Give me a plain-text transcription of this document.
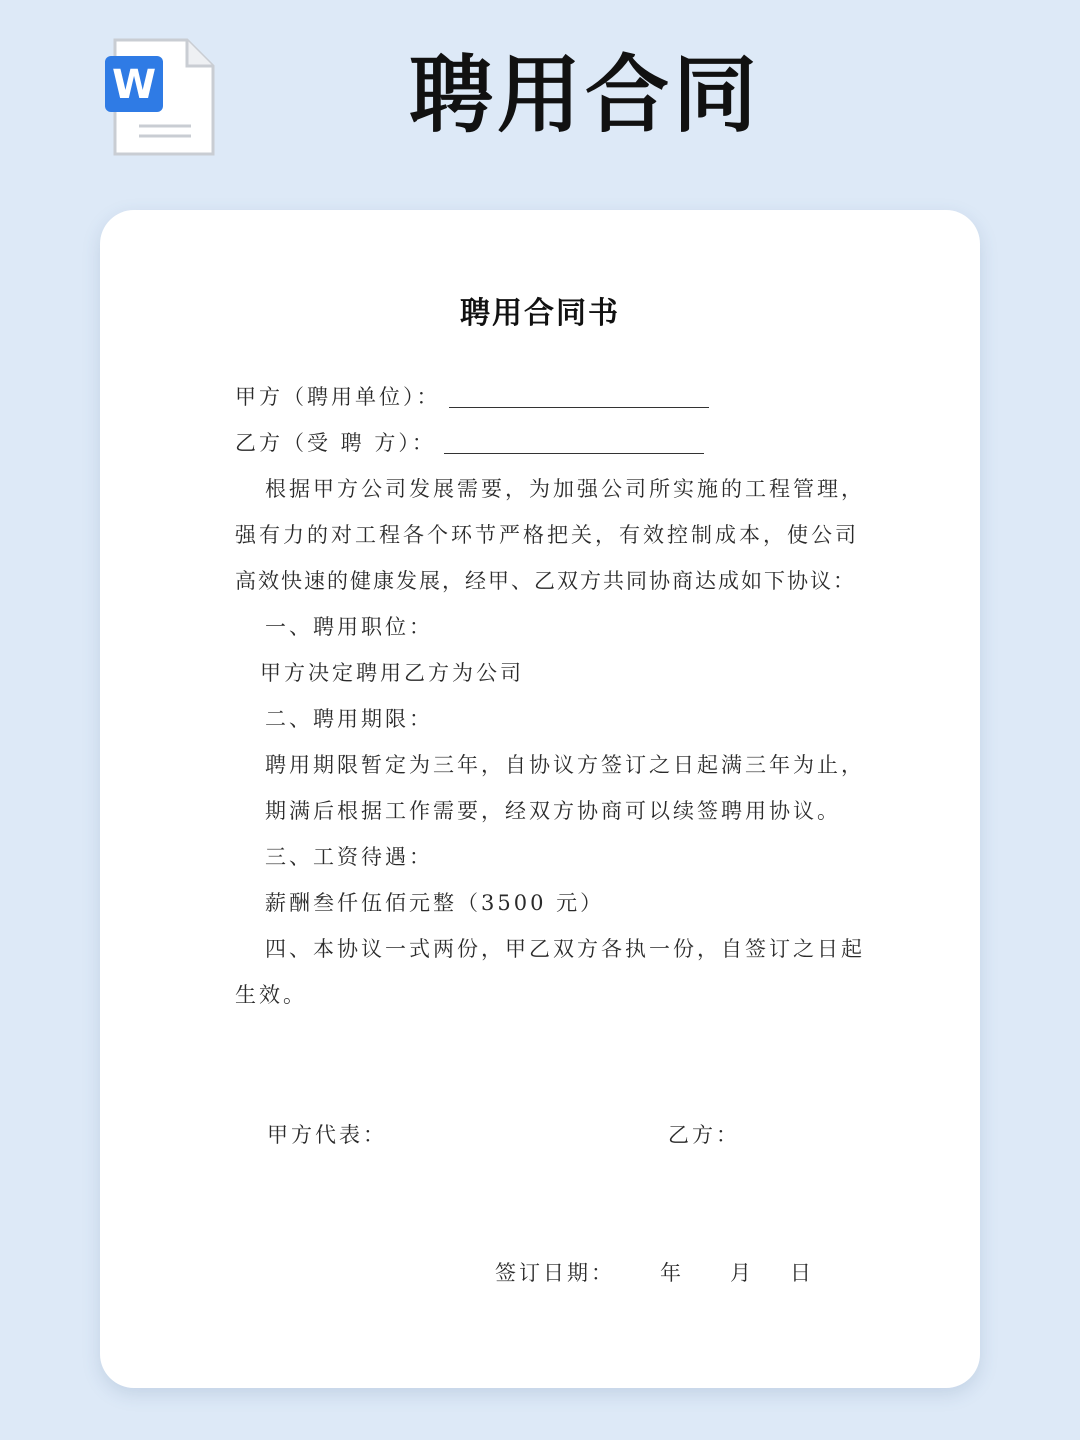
W	聘用合同
聘用合同书
甲方（聘用单位）：
乙方（受 聘 方）：
根据甲方公司发展需要，为加强公司所实施的工程管理，
强有力的对工程各个环节严格把关，有效控制成本，使公司
高效快速的健康发展，经甲、乙双方共同协商达成如下协议：
一、聘用职位：
甲方决定聘用乙方为公司
二、聘用期限：
聘用期限暂定为三年，自协议方签订之日起满三年为止，
期满后根据工作需要，经双方协商可以续签聘用协议。
三、工资待遇：
薪酬叁仟伍佰元整（3500 元）
四、本协议一式两份，甲乙双方各执一份，自签订之日起
生效。
甲方代表：	乙方：
签订日期： 年 月 日
